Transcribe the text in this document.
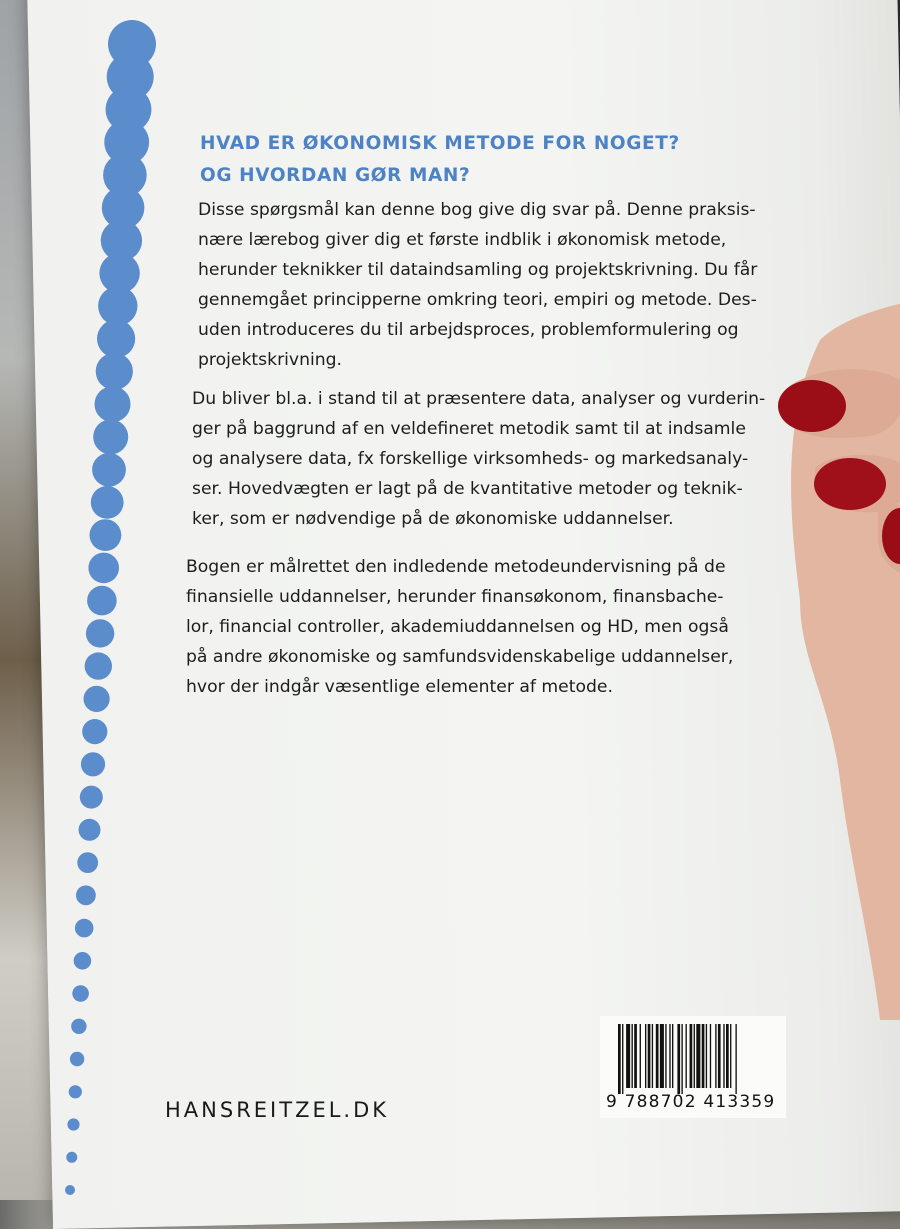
HVAD ER ØKONOMISK METODE FOR NOGET?
OG HVORDAN GØR MAN?
Disse spørgsmål kan denne bog give dig svar på. Denne praksis-
nære lærebog giver dig et første indblik i økonomisk metode,
herunder teknikker til dataindsamling og projektskrivning. Du får
gennemgået principperne omkring teori, empiri og metode. Des-
uden introduceres du til arbejdsproces, problemformulering og
projektskrivning.
Du bliver bl.a. i stand til at præsentere data, analyser og vurderin-
ger på baggrund af en veldefineret metodik samt til at indsamle
og analysere data, fx forskellige virksomheds- og markedsanaly-
ser. Hovedvægten er lagt på de kvantitative metoder og teknik-
ker, som er nødvendige på de økonomiske uddannelser.
Bogen er målrettet den indledende metodeundervisning på de
finansielle uddannelser, herunder finansøkonom, finansbache-
lor, financial controller, akademiuddannelsen og HD, men også
på andre økonomiske og samfundsvidenskabelige uddannelser,
hvor der indgår væsentlige elementer af metode.
HANSREITZEL.DK	9 788702 413359
